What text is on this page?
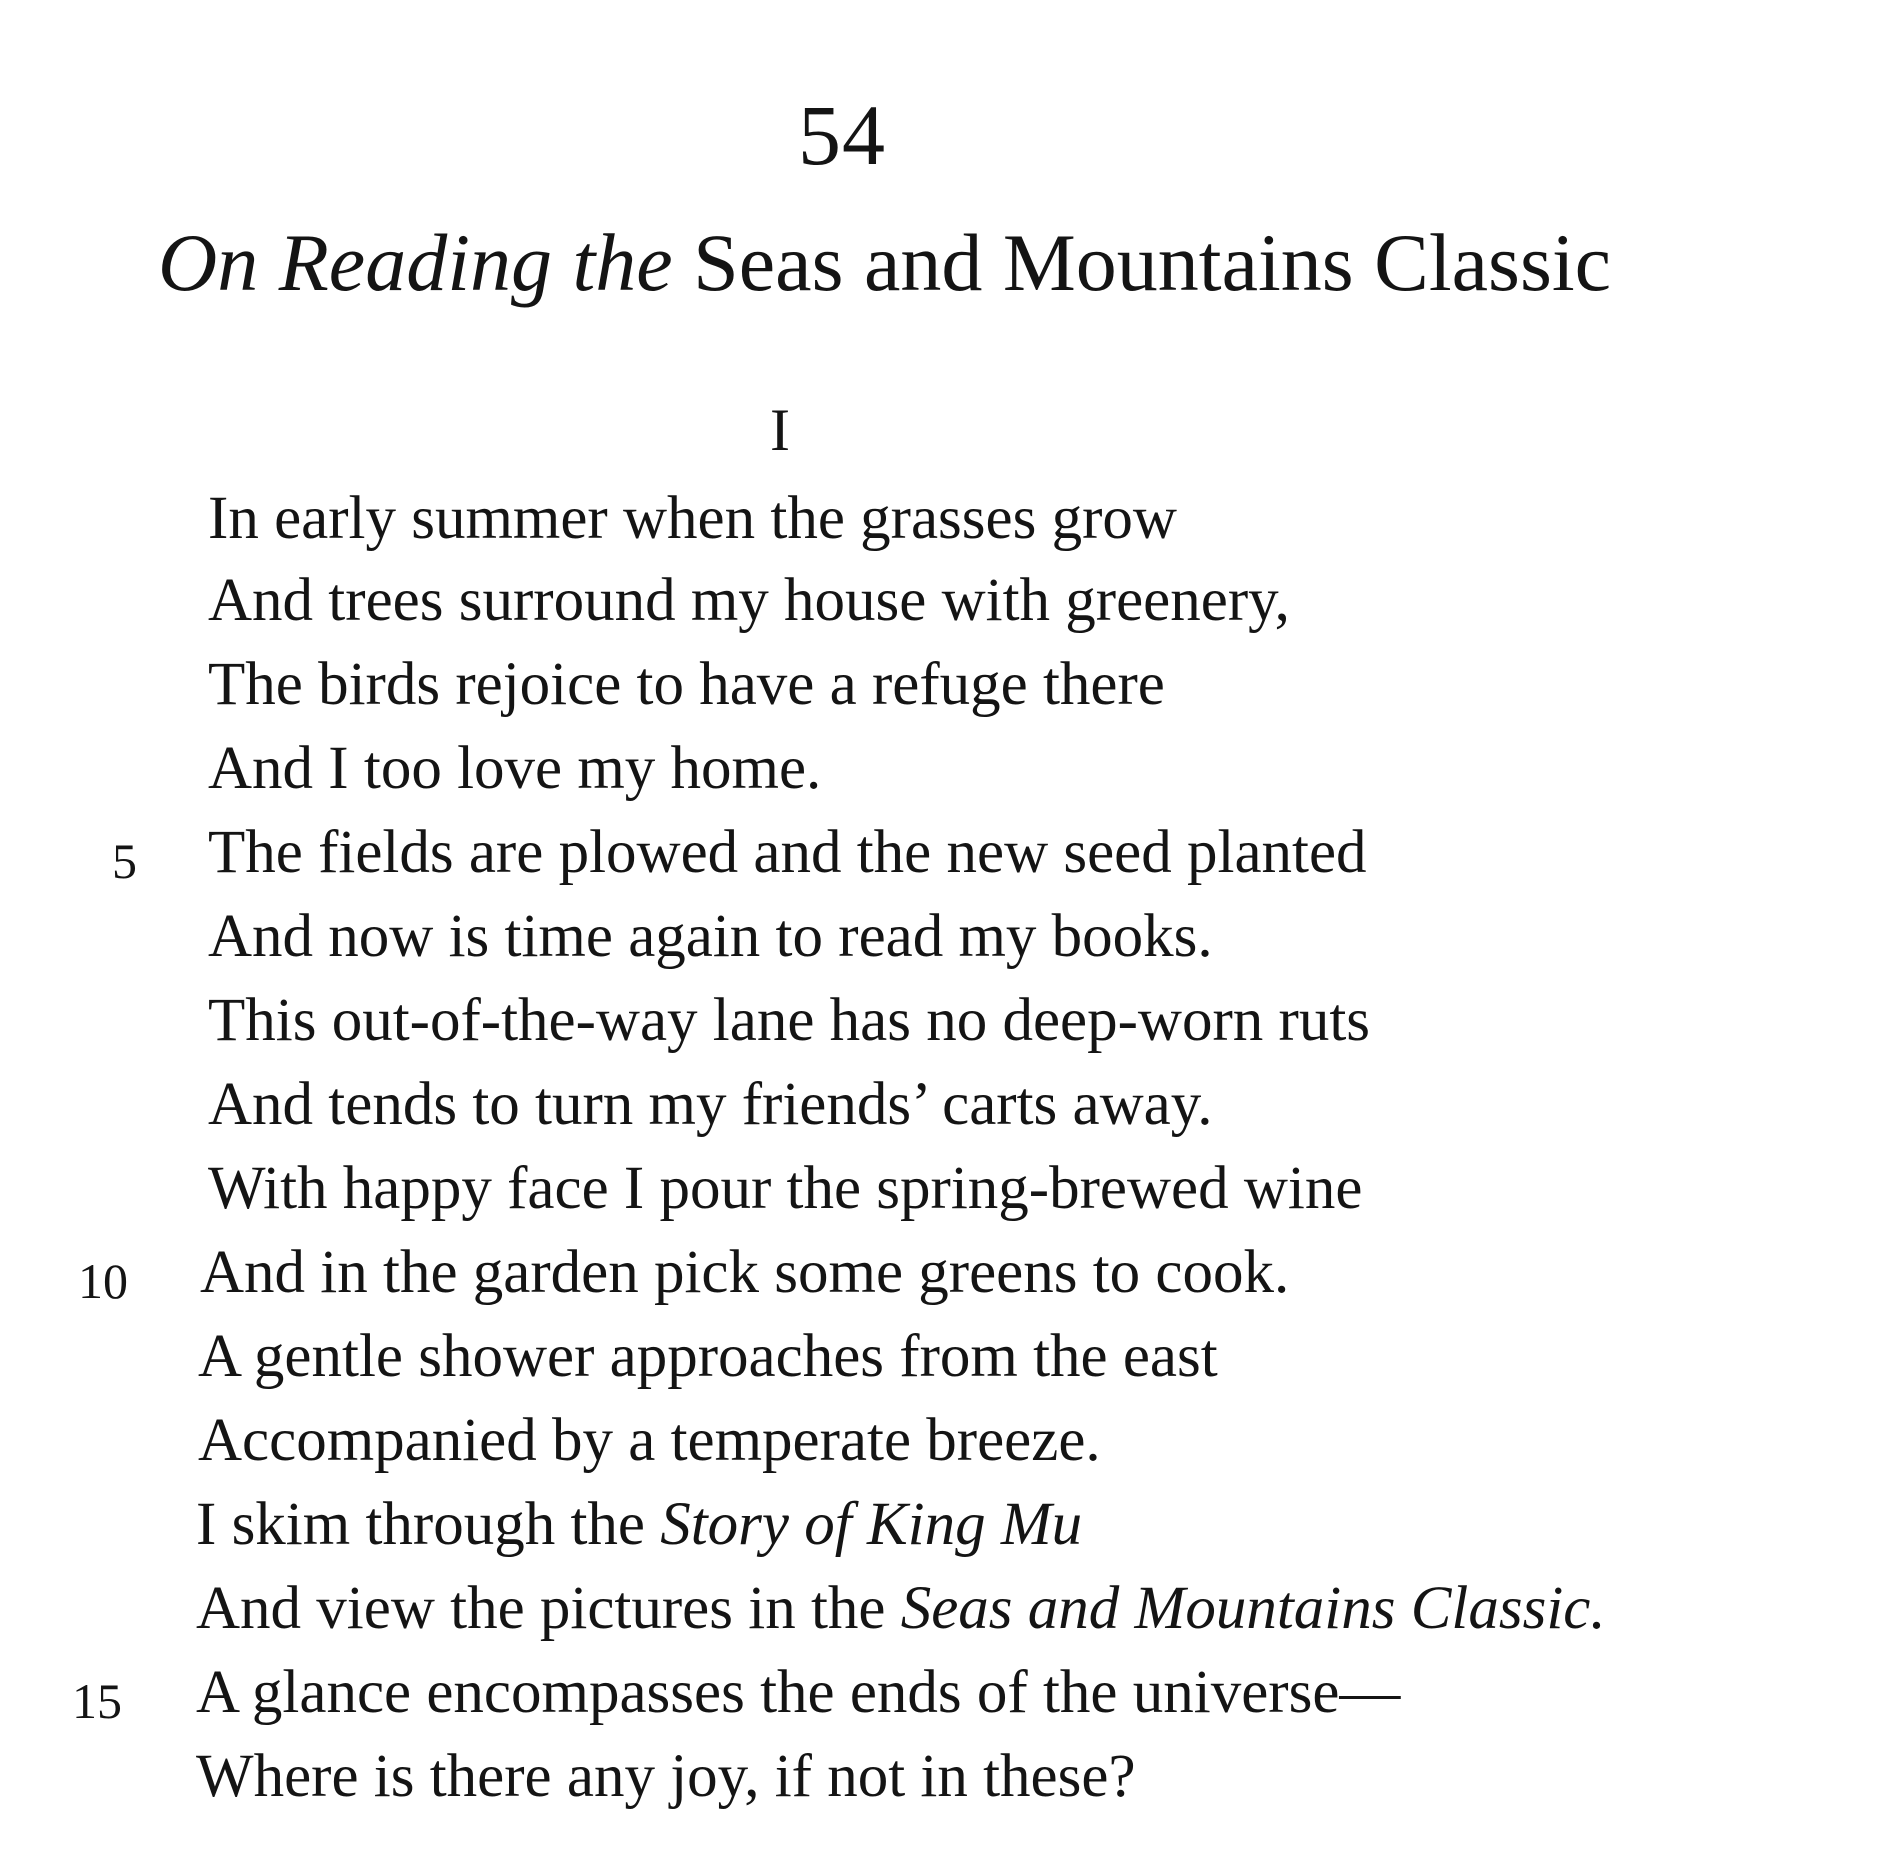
54
On Reading the Seas and Mountains Classic
I
In early summer when the grasses grow
And trees surround my house with greenery,
The birds rejoice to have a refuge there
And I too love my home.
5 The fields are plowed and the new seed planted
And now is time again to read my books.
This out-of-the-way lane has no deep-worn ruts
And tends to turn my friends’ carts away.
With happy face I pour the spring-brewed wine
10 And in the garden pick some greens to cook.
A gentle shower approaches from the east
Accompanied by a temperate breeze.
I skim through the Story of King Mu
And view the pictures in the Seas and Mountains Classic.
15 A glance encompasses the ends of the universe—
Where is there any joy, if not in these?
